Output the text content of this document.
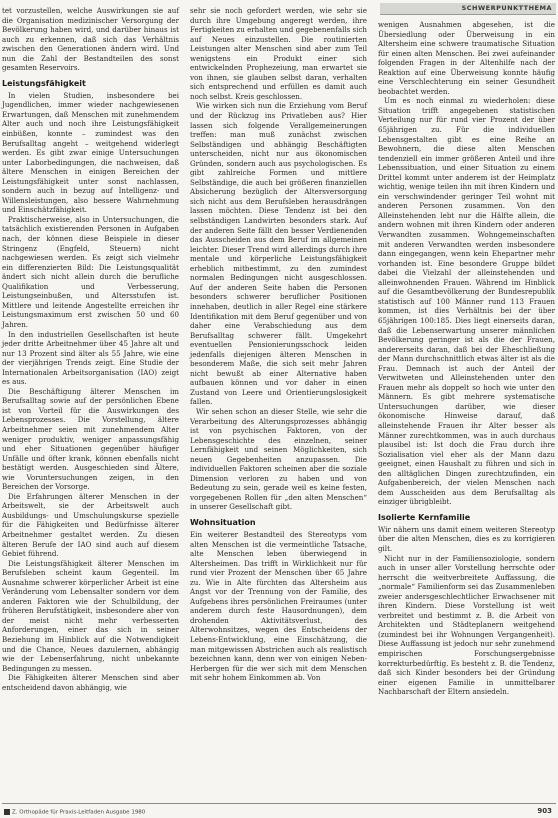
SCHWERPUNKTTHEMA

tet vorzustellen, welche Auswirkungen sie auf die Organisation medizinischer Versorgung der Bevölkerung haben wird, und darüber hinaus ist auch zu erkennen, daß sich das Verhältnis zwischen den Generationen ändern wird. Und nun die Zahl der Bestandteilen des sonst gesamten Reservoirs.

Leistungsfähigkeit

In vielen Studien, insbesondere bei Jugendlichen, immer wieder nachgewiesenen Erwartungen, daß Menschen mit zunehmendem Alter auch und noch ihre Leistungsfähigkeit einbüßen, konnte – zumindest was den Berufsalltag angeht – weitgehend widerlegt werden. Es gibt zwar einige Untersuchungen unter Laborbedingungen, die nachweisen, daß ältere Menschen in einigen Bereichen der Leistungsfähigkeit unter sonst nachlassen, sondern auch in bezug auf Intelligenz- und Willensleistungen, also bessere Wahrnehmung und Einschätzfähigkeit.

Praktischerweise, also in Untersuchungen, die tatsächlich existierenden Personen in Aufgaben nach, der können diese Beispiele in dieser Stringenz (Engfeld, Steuern) nicht nachgewiesen werden. Es zeigt sich vielmehr ein differenzierten Bild: Die Leistungsqualität ändert sich nicht allein durch die berufliche Qualifikation und Verbesserung, Leistungseinbußen, und Altersstufen ist. Mittlere und leitende Angestellte erreichen ihr Leistungsmaximum erst zwischen 50 und 60 Jahren.

In den industriellen Gesellschaften ist heute jeder dritte Arbeitnehmer über 45 Jahre alt und nur 13 Prozent sind älter als 55 Jahre, wie eine der vierjährigen Trends zeigt. Eine Studie der Internationalen Arbeitsorganisation (IAO) zeigt es aus.

Die Beschäftigung älterer Menschen im Berufsalltag sowie auf der persönlichen Ebene ist von Vorteil für die Auswirkungen des Lebensprozesses. Die Vorstellung, ältere Arbeitnehmer seien mit zunehmendem Alter weniger produktiv, weniger anpassungsfähig und eher Situationen gegenüber häufiger Unfälle und öfter krank, können ebenfalls nicht bestätigt werden. Ausgeschieden sind Ältere, wie Voruntersuchungen zeigen, in den Bereichen der Vorsorge.

Die Erfahrungen älterer Menschen in der Arbeitswelt, sie der Arbeitswelt auch Ausbildungs- und Umschulungskurse spezielle für die Fähigkeiten und Bedürfnisse älterer Arbeitnehmer gestaltet werden. Zu diesen älteren Berufe der IAO sind auch auf diesem Gebiet führend.

Die Leistungsfähigkeit älterer Menschen im Berufsleben scheint kaum Gegenteil. Im Ausnahme schwerer körperlicher Arbeit ist eine Veränderung vom Lebensalter sondern vor dem anderen Faktoren wie der Schulbildung, der früheren Berufstätigkeit, insbesondere aber von der meist nicht mehr verbesserten Anforderungen, einer das sich in seiner Beziehung im Hinblick auf die Notwendigkeit und die Chance, Neues dazulernen, abhängig wie der Lebenserfahrung, nicht unbekannte Bedingungen zu messen.

Die Fähigkeiten älterer Menschen sind aber entscheidend davon abhängig, wie

sehr sie noch gefordert werden, wie sehr sie durch ihre Umgebung angeregt werden, ihre Fertigkeiten zu erhalten und gegebenenfalls sich auf Neues einzustellen. Die routinierten Leistungen alter Menschen sind aber zum Teil wenigstens ein Produkt einer sich entwickelnden Prophezeiung, man erwartet sie von ihnen, sie glauben selbst daran, verhalten sich entsprechend und erfüllen es damit auch noch selbst. Kreis geschlossen.

Wie wirken sich nun die Erziehung vom Beruf und der Rückzug ins Privatleben aus? Hier lassen sich folgende Verallgemeinerungen treffen: man muß zunächst zwischen Selbständigen und abhängig Beschäftigten unterscheiden, nicht nur aus ökonomischen Gründen, sondern auch aus psychologischen. Es gibt zahlreiche Formen und mittlere Selbständige, die auch bei größeren finanziellen Absicherung bezüglich der Altersversorgung sich nicht aus dem Berufsleben herausdrängen lassen möchten. Diese Tendenz ist bei den selbständigen Landwirten besonders stark. Auf der anderen Seite fällt den besser Verdienenden das Ausscheiden aus dem Beruf im allgemeinen leichter. Dieser Trend wird allerdings durch ihre mentale und körperliche Leistungsfähigkeit erheblich mitbestimmt, zu den zumindest normalen Bedingungen nicht ausgeschlossen. Auf der anderen Seite haben die Personen besonders schwerer beruflicher Positionen innehaben, deutlich in aller Regel eine stärkere Identifikation mit dem Beruf gegenüber und von daher eine Verabschiedung aus dem Berufsalltag schwerer fällt. Umgekehrt eventuellen Pensionierungsschock leiden jedenfalls diejenigen älteren Menschen in besonderem Maße, die sich seit mehr Jahren nicht bewußt ab einer Alternative haben aufbauen können und vor daher in einen Zustand von Leere und Orientierungslosigkeit fallen.

Wir sehen schon an dieser Stelle, wie sehr die Verarbeitung des Alterungsprozesses abhängig ist von psychischen Faktoren, von der Lebensgeschichte des einzelnen, seiner Lernfähigkeit und seinen Möglichkeiten, sich neuen Gegebenheiten anzupassen. Die individuellen Faktoren scheinen aber die soziale Dimension verloren zu haben und von Bedeutung zu sein, gerade weil es keine festen, vorgegebenen Rollen für „den alten Menschen“ in unserer Gesellschaft gibt.

Wohnsituation

Ein weiterer Bestandteil des Stereotyps vom alten Menschen ist die vermeintliche Tatsache, alte Menschen leben überwiegend in Altersheimen. Das trifft in Wirklichkeit nur für rund vier Prozent der Menschen über 65 Jahre zu. Wie in Alte fürchten das Altersheim aus Angst vor der Trennung von der Familie, des Aufgebens ihres persönlichen Freiraumes (unter anderem durch feste Hausordnungen), dem drohenden Aktivitätsverlust, des Alterwohnsitzes, wegen des Entscheidens der Lebens-Entwicklung, eine Einschätzung, die man mitgewissen Abstrichen auch als realistisch bezeichnen kann, denn wer von einigen Neben-Herbergen für die wer sich mit dem Menschen mit sehr hohem Einkommen ab. Von

wenigen Ausnahmen abgesehen, ist die Übersiedlung oder Überweisung in ein Altersheim eine schwere traumatische Situation für einen alten Menschen. Bei zwei aufeinander folgenden Fragen in der Altenhilfe nach der Reaktion auf eine Überweisung konnte häufig eine Verschlechterung ein seiner Gesundheit beobachtet werden.

Um es noch einmal zu wiederholen: diese Situation trifft angegebenen statistischen Verteilung nur für rund vier Prozent der über 65jährigen zu. Für die individuellen Lebensgestalten gibt es eine Reihe an Bewohnern, die diese alten Menschen tendenziell ein immer größeren Anteil und ihre Lebenssituation, und einer Situation zu einem Drittel kommt unter anderem ist der Heimplatz wichtig, wenige teilen ihn mit ihren Kindern und ein verschwindender geringer Teil wohnt mit anderen Personen zusammen. Von den Alleinstehenden lebt nur die Hälfte allein, die andern wohnen mit ihren Kindern oder anderen Verwandten zusammen. Wohngemeinschaften mit anderen Verwandten werden insbesondere dann eingegangen, wenn kein Ehepartner mehr vorhanden ist. Eine besondere Gruppe bildet dabei die Vielzahl der alleinstehenden und alleinwohnenden Frauen. Während im Hinblick auf die Gesamtbevölkerung der Bundesrepublik statistisch auf 100 Männer rund 113 Frauen kommen, ist dies Verhältnis bei der über 65jährigen 100:185. Dies liegt einerseits daran, daß die Lebenserwartung unserer männlichen Bevölkerung geringer ist als die der Frauen, andererseits daran, daß bei der Eheschließung der Mann durchschnittlich etwas älter ist als die Frau. Demnach ist auch der Anteil der Verwitweten und Alleinstehenden unter den Frauen mehr als doppelt so hoch wie unter den Männern. Es gibt mehrere systematische Untersuchungen darüber, wie dieser ökonomische Hinweise darauf, daß alleinstehende Frauen ihr Alter besser als Männer zurechtkommen, was in auch durchaus plausibel ist: Ist doch die Frau durch ihre Sozialisation viel eher als der Mann dazu geeignet, einen Haushalt zu führen und sich in den alltäglichen Dingen zurechtzufinden, ein Aufgabenbereich, der vielen Menschen nach dem Ausscheiden aus dem Berufsalltag als einziger übrigbleibt.

Isolierte Kernfamilie

Wir nähern uns damit einem weiteren Stereotyp über die alten Menschen, dies es zu korrigieren gilt.

Nicht nur in der Familiensoziologie, sondern auch in unser aller Vorstellung herrschte oder herrscht die weitverbreitete Auffassung, die „normale“ Familienform sei das Zusammenleben zweier andersgeschlechtlicher Erwachsener mit ihren Kindern. Diese Vorstellung ist weit verbreitet und bestimmt z. B. die Arbeit von Architekten und Städteplanern weitgehend (zumindest bei ihr Wohnungen Vergangenheit). Diese Auffassung ist jedoch nur sehr zunehmend empirischen Forschungsergebnisse korrekturbedürftig. Es besteht z. B. die Tendenz, daß sich Kinder besonders bei der Gründung einer eigenen Familie in unmittelbarer Nachbarschaft der Eltern ansiedeln.

Z. Orthopäde für Praxis-Leitfaden Ausgabe 1980	903
